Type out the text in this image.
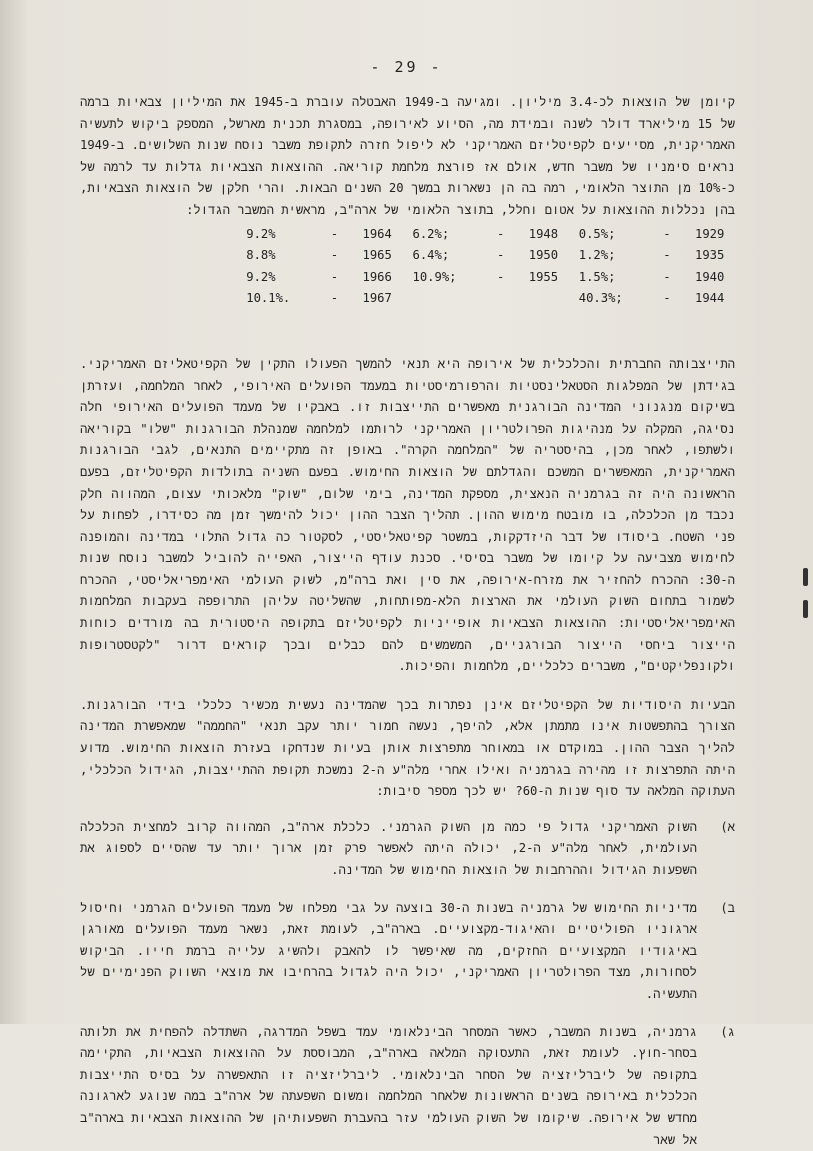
- 29 -

קיומן של הוצאות לכ-3.4 מיליון. ומגיעה ב-1949 האבטלה עוברת ב-1945 את המיליון צבאיות ברמה של 15 מיליארד דולר לשנה ובמידת מה, הסיוע לאירופה, במסגרת תכנית מארשל, המספק ביקוש לתעשיה האמריקנית, מסייעים לקפיטליזם האמריקני לא ליפול חזרה לתקופת משבר נוסח שנות השלושים. ב-1949 נראים סימניו של משבר חדש, אולם אז פורצת מלחמת קוריאה. ההוצאות הצבאיות גדלות עד לרמה של כ-10% מן התוצר הלאומי, רמה בה הן נשארות במשך 20 השנים הבאות. והרי חלקן של הוצאות הצבאיות, בהן נכללות ההוצאות על אטום וחלל, בתוצר הלאומי של ארה"ב, מראשית המשבר הגדול:

1929
-
0.5%;
1935
-
1.2%;
1940
-
1.5%;
1944
-
40.3%;
1948
-
6.2%;
1950
-
6.4%;
1955
-
10.9%;
1964
-
9.2%
1965
-
8.8%
1966
-
9.2%
1967
-
10.1%.

התייצבותה החברתית והכלכלית של אירופה היא תנאי להמשך הפעולו התקין של הקפיטאליזם האמריקני. בגידתן של המפלגות הסטאלינסטיות והרפורמיסטיות במעמד הפועלים האירופי, לאחר המלחמה, ועזרתן בשיקום מנגנוני המדינה הבורגנית מאפשרים התייצבות זו. באבקיו של מעמד הפועלים האירופי חלה נסיגה, המקלה על מנהיגות הפרולטריון האמריקני לרותמו למלחמה שמנהלת הבורגנות "שלו" בקוריאה ולשתפו, לאחר מכן, בהיסטריה של "המלחמה הקרה". באופן זה מתקיימים התנאים, לגבי הבורגנות האמריקנית, המאפשרים המשכם והגדלתם של הוצאות החימוש. בפעם השניה בתולדות הקפיטליזם, בפעם הראשונה היה זה בגרמניה הנאצית, מספקת המדינה, בימי שלום, "שוק" מלאכותי עצום, המהווה חלק נכבד מן הכלכלה, בו מובטח מימוש ההון. תהליך הצבר ההון יכול להימשך זמן מה כסידרו, לפחות על פני השטח. ביסודו של דבר היזדקקות, במשטר קפיטאליסטי, לסקטור כה גדול התלוי במדינה והמופנה לחימוש מצביעה על קיומו של משבר בסיסי. סכנת עודף הייצור, האפייה להוביל למשבר נוסח שנות ה-30: ההכרח להחזיר את מזרח-אירופה, את סין ואת ברה"מ, לשוק העולמי האימפריאליסטי, ההכרח לשמור בתחום השוק העולמי את הארצות הלא-מפותחות, שהשליטה עליהן התרופפה בעקבות המלחמות האימפריאליסטיות: ההוצאות הצבאיות אופייניות לקפיטליזם בתקופה היסטורית בה מורדים כוחות הייצור ביחסי הייצור הבורגניים, המשמשים להם כבלים ובכך קוראים דרור "לקטסטרופות ולקונפליקטים", משברים כלכליים, מלחמות והפיכות.

הבעיות היסודיות של הקפיטליזם אינן נפתרות בכך שהמדינה נעשית מכשיר כלכלי בידי הבורגנות. הצורך בהתפשטות אינו מתמתן אלא, להיפך, נעשה חמור יותר עקב תנאי "החממה" שמאפשרת המדינה להליך הצבר ההון. במוקדם או במאוחר מתפרצות אותן בעיות שנדחקו בעזרת הוצאות החימוש. מדוע היתה התפרצות זו מהירה בגרמניה ואילו אחרי מלה"ע ה-2 נמשכת תקופת ההתייצבות, הגידול הכלכלי, העתוקה המלאה עד סוף שנות ה-60? יש לכך מספר סיבות:

א)
השוק האמריקני גדול פי כמה מן השוק הגרמני. כלכלת ארה"ב, המהווה קרוב למחצית הכלכלה העולמית, לאחר מלה"ע ה-2, יכולה היתה לאפשר פרק זמן ארוך יותר עד שהסיים לספוג את השפעות הגידול וההרחבות של הוצאות החימוש של המדינה.
ב)
מדיניות החימוש של גרמניה בשנות ה-30 בוצעה על גבי מפלחו של מעמד הפועלים הגרמני וחיסול ארגוניו הפוליטיים והאיגוד-מקצועיים. בארה"ב, לעומת זאת, נשאר מעמד הפועלים מאורגן באיגודיו המקצועיים החזקים, מה שאיפשר לו להאבק ולהשיג עלייה ברמת חייו. הביקוש לסחורות, מצד הפרולטריון האמריקני, יכול היה לגדול בהרחיבו את מוצאי השווק הפנימיים של התעשיה.
ג)
גרמניה, בשנות המשבר, כאשר המסחר הבינלאומי עמד בשפל המדרגה, השתדלה להפחית את תלותה בסחר-חוץ. לעומת זאת, התעסוקה המלאה בארה"ב, המבוססת על ההוצאות הצבאיות, התקיימה בתקופה של ליברליזציה של הסחר הבינלאומי. ליברליזציה זו התאפשרה על בסיס התייצבות הכלכלית באירופה בשנים הראשונות שלאחר המלחמה ומשום השפעתה של ארה"ב במה שנוגע לארגונה מחדש של אירופה. שיקומו של השוק העולמי עזר בהעברת השפעותיהן של ההוצאות הצבאיות בארה"ב אל שאר
